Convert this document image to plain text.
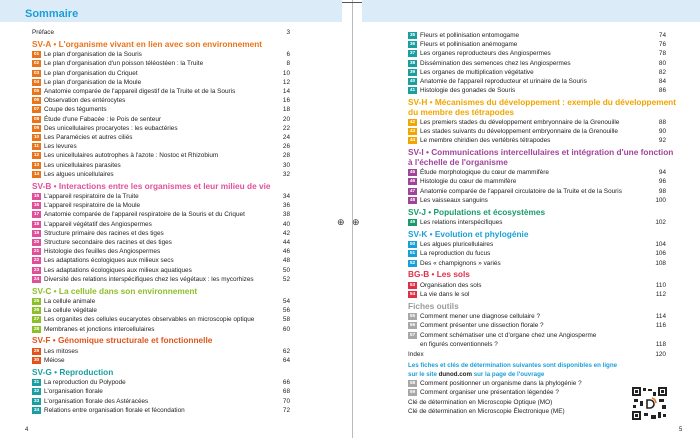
Sommaire
Préface	3
SV-A • L'organisme vivant en lien avec son environnement
01 Le plan d'organisation de la Souris	6
02 Le plan d'organisation d'un poisson téléostéen : la Truite	8
03 Le plan d'organisation du Criquet	10
04 Le plan d'organisation de la Moule	12
05 Anatomie comparée de l'appareil digestif de la Truite et de la Souris	14
06 Observation des entérocytes	16
07 Coupe des téguments	18
08 Étude d'une Fabacée : le Pois de senteur	20
09 Des unicellulaires procaryotes : les eubactéries	22
10 Les Paramécies et autres ciliés	24
11 Les levures	26
12 Les unicellulaires autotrophes à l'azote : Nostoc et Rhizobium	28
13 Les unicellulaires parasites	30
14 Les algues unicellulaires	32
SV-B • Interactions entre les organismes et leur milieu de vie
15 L'appareil respiratoire de la Truite	34
16 L'appareil respiratoire de la Moule	36
17 Anatomie comparée de l'appareil respiratoire de la Souris et du Criquet	38
18 L'appareil végétatif des Angiospermes	40
19 Structure primaire des racines et des tiges	42
20 Structure secondaire des racines et des tiges	44
21 Histologie des feuilles des Angiospermes	46
22 Les adaptations écologiques aux milieux secs	48
23 Les adaptations écologiques aux milieux aquatiques	50
24 Diversité des relations interspécifiques chez les végétaux : les mycorhizes	52
SV-C • La cellule dans son environnement
25 La cellule animale	54
26 La cellule végétale	56
27 Les organites des cellules eucaryotes observables en microscopie optique	58
28 Membranes et jonctions intercellulaires	60
SV-F • Génomique structurale et fonctionnelle
29 Les mitoses	62
30 Méiose	64
SV-G • Reproduction
31 La reproduction du Polypode	66
32 L'organisation florale	68
33 L'organisation florale des Astéracées	70
34 Relations entre organisation florale et fécondation	72
35 Fleurs et pollinisation entomogame	74
36 Fleurs et pollinisation anémogame	76
37 Les organes reproducteurs des Angiospermes	78
38 Dissémination des semences chez les Angiospermes	80
39 Les organes de multiplication végétative	82
40 Anatomie de l'appareil reproducteur et urinaire de la Souris	84
41 Histologie des gonades de Souris	86
SV-H • Mécanismes du développement : exemple du développement
du membre des tétrapodes
42 Les premiers stades du développement embryonnaire de la Grenouille	88
43 Les stades suivants du développement embryonnaire de la Grenouille	90
44 Le membre chiridien des vertébrés tétrapodes	92
SV-I • Communications intercellulaires et intégration d'une fonction
à l'échelle de l'organisme
45 Étude morphologique du cœur de mammifère	94
46 Histologie du cœur de mammifère	96
47 Anatomie comparée de l'appareil circulatoire de la Truite et de la Souris	98
48 Les vaisseaux sanguins	100
SV-J • Populations et écosystèmes
49 Les relations interspécifiques	102
SV-K • Evolution et phylogénie
50 Les algues pluricellulaires	104
51 La reproduction du fucus	106
52 Des « champignons » variés	108
BG-B • Les sols
53 Organisation des sols	110
54 La vie dans le sol	112
Fiches outils
55 Comment mener une diagnose cellulaire ?	114
56 Comment présenter une dissection florale ?	116
57 Comment schématiser une ct d'organe chez une Angiosperme
en figurés conventionnels ?	118
Index	120
Les fiches et clés de détermination suivantes sont disponibles en ligne
sur le site dunod.com sur la page de l'ouvrage
58 Comment positionner un organisme dans la phylogénie ?
59 Comment organiser une présentation légendée ?
Clé de détermination en Microscopie Optique (MO)
Clé de détermination en Microscopie Électronique (ME)
⊕ ⊕
4	5
